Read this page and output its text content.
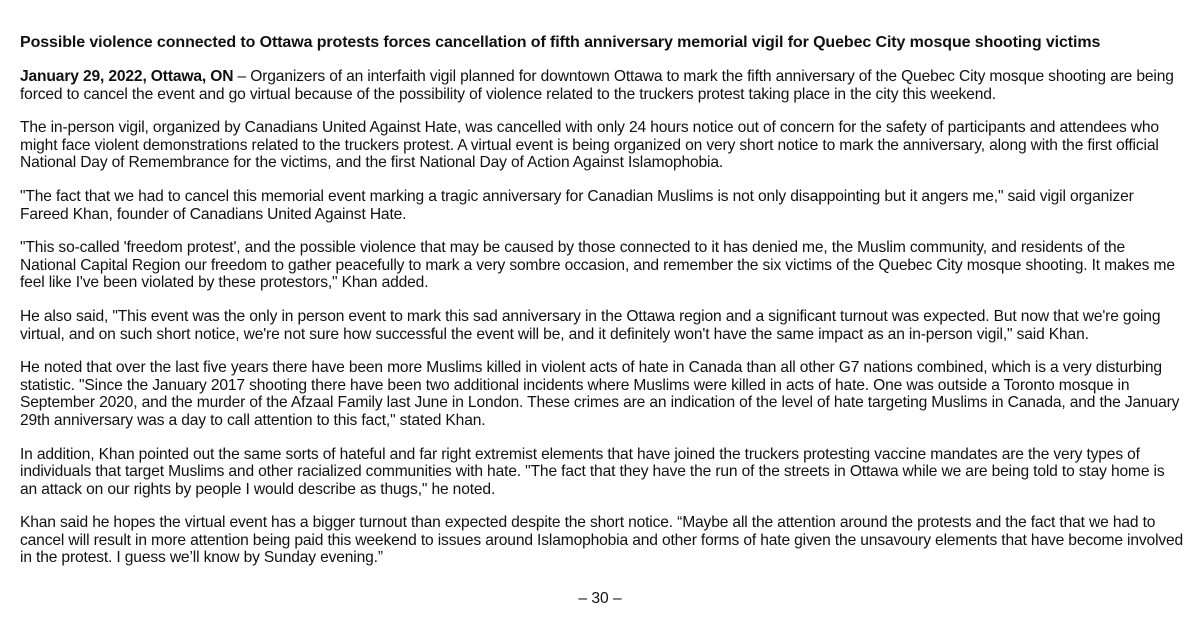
Possible violence connected to Ottawa protests forces cancellation of fifth anniversary memorial vigil for Quebec City mosque shooting victims

January 29, 2022, Ottawa, ON – Organizers of an interfaith vigil planned for downtown Ottawa to mark the fifth anniversary of the Quebec City mosque shooting are being forced to cancel the event and go virtual because of the possibility of violence related to the truckers protest taking place in the city this weekend.

The in-person vigil, organized by Canadians United Against Hate, was cancelled with only 24 hours notice out of concern for the safety of participants and attendees who might face violent demonstrations related to the truckers protest. A virtual event is being organized on very short notice to mark the anniversary, along with the first official National Day of Remembrance for the victims, and the first National Day of Action Against Islamophobia.

"The fact that we had to cancel this memorial event marking a tragic anniversary for Canadian Muslims is not only disappointing but it angers me," said vigil organizer Fareed Khan, founder of Canadians United Against Hate.

"This so-called 'freedom protest', and the possible violence that may be caused by those connected to it has denied me, the Muslim community, and residents of the National Capital Region our freedom to gather peacefully to mark a very sombre occasion, and remember the six victims of the Quebec City mosque shooting. It makes me feel like I've been violated by these protestors," Khan added.

He also said, "This event was the only in person event to mark this sad anniversary in the Ottawa region and a significant turnout was expected. But now that we're going virtual, and on such short notice, we're not sure how successful the event will be, and it definitely won't have the same impact as an in-person vigil," said Khan.

He noted that over the last five years there have been more Muslims killed in violent acts of hate in Canada than all other G7 nations combined, which is a very disturbing statistic. "Since the January 2017 shooting there have been two additional incidents where Muslims were killed in acts of hate. One was outside a Toronto mosque in September 2020, and the murder of the Afzaal Family last June in London. These crimes are an indication of the level of hate targeting Muslims in Canada, and the January 29th anniversary was a day to call attention to this fact," stated Khan.

In addition, Khan pointed out the same sorts of hateful and far right extremist elements that have joined the truckers protesting vaccine mandates are the very types of individuals that target Muslims and other racialized communities with hate. "The fact that they have the run of the streets in Ottawa while we are being told to stay home is an attack on our rights by people I would describe as thugs," he noted.

Khan said he hopes the virtual event has a bigger turnout than expected despite the short notice. “Maybe all the attention around the protests and the fact that we had to cancel will result in more attention being paid this weekend to issues around Islamophobia and other forms of hate given the unsavoury elements that have become involved in the protest. I guess we’ll know by Sunday evening.”

– 30 –
